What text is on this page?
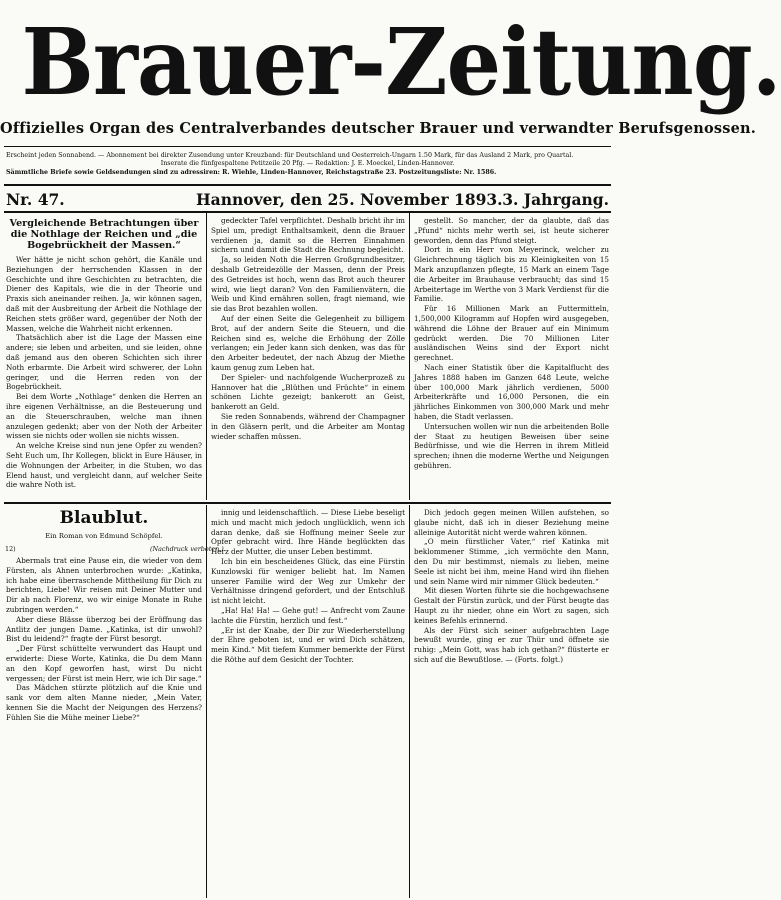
Brauer-Zeitung.
Offizielles Organ des Centralverbandes deutscher Brauer und verwandter Berufsgenossen.
Erscheint jeden Sonnabend. — Abonnement bei direkter Zusendung unter Kreuzband: für Deutschland und Oesterreich-Ungarn 1.50 Mark, für das Ausland 2 Mark, pro Quartal.
Inserate die fünfgespaltene Petitzeile 20 Pfg. — Redaktion: J. E. Moeckel, Linden-Hannover.
Sämmtliche Briefe sowie Geldsendungen sind zu adressiren: R. Wiehle, Linden-Hannover, Reichstagstraße 23. Postzeitungsliste: Nr. 1586.
Nr. 47.	Hannover, den 25. November 1893. 3. Jahrgang.

Vergleichende Betrachtungen über die Nothlage der Reichen und „die Bogebrückheit der Massen.“

Wer hätte je nicht schon gehört, die Kanäle und Beziehungen der herrschenden Klassen in der Geschichte und ihre Geschichten zu betrachten, die Diener des Kapitals, wie die in der Theorie und Praxis sich aneinander reihen. Ja, wir können sagen, daß mit der Ausbreitung der Arbeit die Nothlage der Reichen stets größer ward, gegenüber der Noth der Massen, welche die Wahrheit nicht erkennen.

Thatsächlich aber ist die Lage der Massen eine andere; sie leben und arbeiten, und sie leiden, ohne daß jemand aus den oberen Schichten sich ihrer Noth erbarmte. Die Arbeit wird schwerer, der Lohn geringer, und die Herren reden von der Bogebrückheit.

Bei dem Worte „Nothlage“ denken die Herren an ihre eigenen Verhältnisse, an die Besteuerung und an die Steuerschrauben, welche man ihnen anzulegen gedenkt; aber von der Noth der Arbeiter wissen sie nichts oder wollen sie nichts wissen.

An welche Kreise sind nun jene Opfer zu wenden? Seht Euch um, Ihr Kollegen, blickt in Eure Häuser, in die Wohnungen der Arbeiter, in die Stuben, wo das Elend haust, und vergleicht dann, auf welcher Seite die wahre Noth ist.

gedeckter Tafel verpflichtet. Deshalb bricht ihr im Spiel um, predigt Enthaltsamkeit, denn die Brauer verdienen ja, damit so die Herren Einnahmen sichern und damit die Stadt die Rechnung begleicht.

Ja, so leiden Noth die Herren Großgrundbesitzer, deshalb Getreidezölle der Massen, denn der Preis des Getreides ist hoch, wenn das Brot auch theurer wird, wie liegt daran? Von den Familienvätern, die Weib und Kind ernähren sollen, fragt niemand, wie sie das Brot bezahlen wollen.

Auf der einen Seite die Gelegenheit zu billigem Brot, auf der andern Seite die Steuern, und die Reichen sind es, welche die Erhöhung der Zölle verlangen; ein Jeder kann sich denken, was das für den Arbeiter bedeutet, der nach Abzug der Miethe kaum genug zum Leben hat.

Der Spieler- und nachfolgende Wucherprozeß zu Hannover hat die „Blüthen und Früchte“ in einem schönen Lichte gezeigt; bankerott an Geist, bankerott an Geld.

Sie reden Sonnabends, während der Champagner in den Gläsern perlt, und die Arbeiter am Montag wieder schaffen müssen.

gestellt. So mancher, der da glaubte, daß das „Pfund“ nichts mehr werth sei, ist heute sicherer geworden, denn das Pfund steigt.

Dort in ein Herr von Meyerinck, welcher zu Gleichrechnung täglich bis zu Kleinigkeiten von 15 Mark anzupflanzen pflegte, 15 Mark an einem Tage die Arbeiter im Brauhause verbraucht; das sind 15 Arbeitertage im Werthe von 3 Mark Verdienst für die Familie.

Für 16 Millionen Mark an Futtermitteln, 1,500,000 Kilogramm auf Hopfen wird ausgegeben, während die Löhne der Brauer auf ein Minimum gedrückt werden. Die 70 Millionen Liter ausländischen Weins sind der Export nicht gerechnet.

Nach einer Statistik über die Kapitalflucht des Jahres 1888 haben im Ganzen 648 Leute, welche über 100,000 Mark jährlich verdienen, 5000 Arbeiterkräfte und 16,000 Personen, die ein jährliches Einkommen von 300,000 Mark und mehr haben, die Stadt verlassen.

Untersuchen wollen wir nun die arbeitenden Bolle der Staat zu heutigen Beweisen über seine Bedürfnisse, und wie die Herren in ihrem Mitleid sprechen; ihnen die moderne Werthe und Neigungen gebühren.

Blaublut.
Ein Roman von Edmund Schöpfel.
12)	(Nachdruck verboten.)

Abermals trat eine Pause ein, die wieder von dem Fürsten, als Ahnen unterbrochen wurde: „Katinka, ich habe eine überraschende Mittheilung für Dich zu berichten, Liebe! Wir reisen mit Deiner Mutter und Dir ab nach Florenz, wo wir einige Monate in Ruhe zubringen werden.“

Aber diese Blässe überzog bei der Eröffnung das Antlitz der jungen Dame. „Katinka, ist dir unwohl? Bist du leidend?“ fragte der Fürst besorgt.

„Der Fürst schüttelte verwundert das Haupt und erwiderte: Diese Worte, Katinka, die Du dem Mann an den Kopf geworfen hast, wirst Du nicht vergessen; der Fürst ist mein Herr, wie ich Dir sage.“

Das Mädchen stürzte plötzlich auf die Knie und sank vor dem alten Manne nieder, „Mein Vater, kennen Sie die Macht der Neigungen des Herzens? Fühlen Sie die Mühe meiner Liebe?“

innig und leidenschaftlich. — Diese Liebe beseligt mich und macht mich jedoch unglücklich, wenn ich daran denke, daß sie Hoffnung meiner Seele zur Opfer gebracht wird. Ihre Hände beglückten das Herz der Mutter, die unser Leben bestimmt.

Ich bin ein bescheidenes Glück, das eine Fürstin Kunzlowski für weniger beliebt hat. Im Namen unserer Familie wird der Weg zur Umkehr der Verhältnisse dringend gefordert, und der Entschluß ist nicht leicht.

„Ha! Ha! Ha! — Gehe gut! — Anfrecht vom Zaune lachte die Fürstin, herzlich und fest.“

„Er ist der Knabe, der Dir zur Wiederherstellung der Ehre geboten ist, und er wird Dich schätzen, mein Kind.“ Mit tiefem Kummer bemerkte der Fürst die Röthe auf dem Gesicht der Tochter.

Dich jedoch gegen meinen Willen aufstehen, so glaube nicht, daß ich in dieser Beziehung meine alleinige Autorität nicht werde wahren können.

„O mein fürstlicher Vater,“ rief Katinka mit beklommener Stimme, „ich vermöchte den Mann, den Du mir bestimmst, niemals zu lieben, meine Seele ist nicht bei ihm, meine Hand wird ihn fliehen und sein Name wird mir nimmer Glück bedeuten.“

Mit diesen Worten führte sie die hochgewachsene Gestalt der Fürstin zurück, und der Fürst beugte das Haupt zu ihr nieder, ohne ein Wort zu sagen, sich keines Befehls erinnernd.

Als der Fürst sich seiner aufgebrachten Lage bewußt wurde, ging er zur Thür und öffnete sie ruhig: „Mein Gott, was hab ich gethan?“ flüsterte er sich auf die Bewußtlose. — (Forts. folgt.)
